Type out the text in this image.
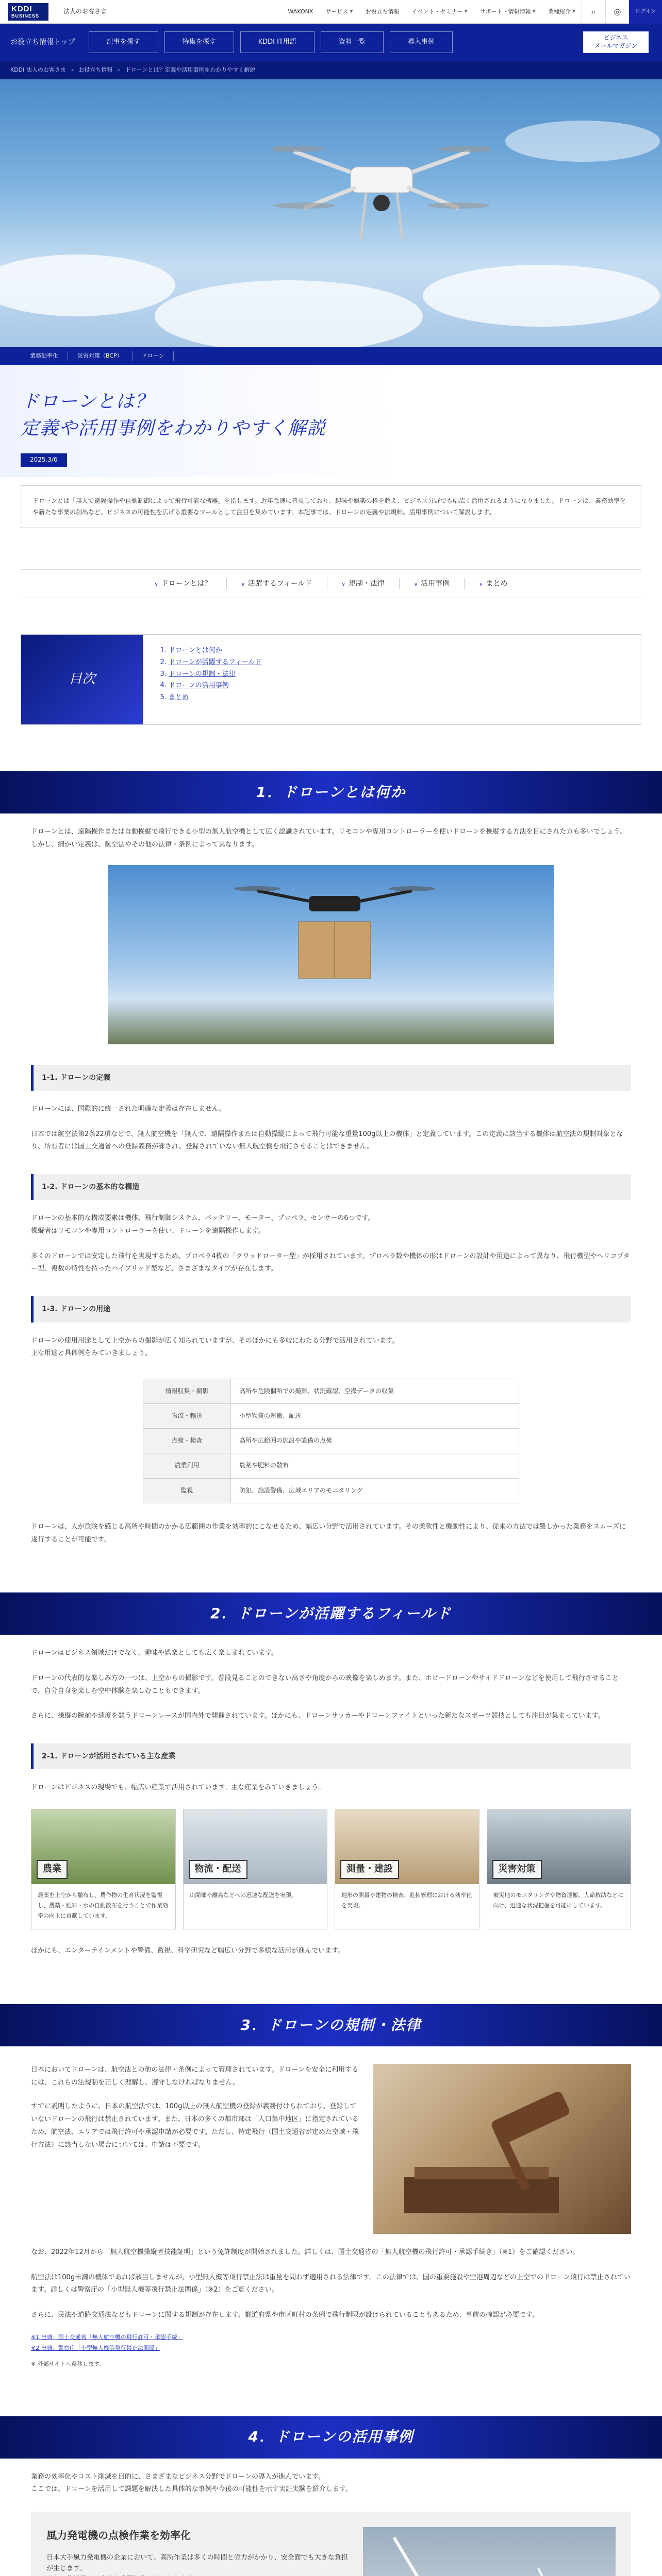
KDDI
BUSINESS
法人のお客さま	WAKONX サービス ▼ お役立ち情報 イベント・セミナー ▼ サポート・情報情報 ▼ 業種紹介 ▼	⌕	◎	ログイン
お役立ち情報トップ	記事を探す	特集を探す	KDDI IT用語	資料一覧	導入事例
ビジネス
メールマガジン
KDDI 法人のお客さま › お役立ち情報 › ドローンとは？定義や活用事例をわかりやすく解説
業務効率化	災害対策（BCP）	ドローン
ドローンとは？
定義や活用事例をわかりやすく解説
2025.3/6
ドローンとは「無人で遠隔操作や自動制御によって飛行可能な機器」を指します。近年急速に普及しており、趣味や娯楽の枠を超え、ビジネス分野でも幅広く活用されるようになりました。ドローンは、業務効率化や新たな事業の創出など、ビジネスの可能性を広げる重要なツールとして注目を集めています。本記事では、ドローンの定義や法規制、活用事例について解説します。
∨ ドローンとは？	∨ 活躍するフィールド	∨ 規制・法律	∨ 活用事例	∨ まとめ
目次
1. ドローンとは何か
2. ドローンが活躍するフィールド
3. ドローンの規制・法律
4. ドローンの活用事例
5. まとめ
1．ドローンとは何か

ドローンとは、遠隔操作または自動操縦で飛行できる小型の無人航空機として広く認識されています。リモコンや専用コントローラーを使いドローンを操縦する方法を目にされた方も多いでしょう。
しかし、細かい定義は、航空法やその他の法律・条例によって異なります。

1-1. ドローンの定義

ドローンには、国際的に統一された明確な定義は存在しません。

日本では航空法第2条22項などで、無人航空機を「無人で、遠隔操作または自動操縦によって飛行可能な重量100g以上の機体」と定義しています。この定義に該当する機体は航空法の規制対象となり、所有者には国土交通省への登録義務が課され、登録されていない無人航空機を飛行させることはできません。

1-2. ドローンの基本的な構造

ドローンの基本的な構成要素は機体、飛行制御システム、バッテリー、モーター、プロペラ、センサーの6つです。
操縦者はリモコンや専用コントローラーを使い、ドローンを遠隔操作します。

多くのドローンでは安定した飛行を実現するため、プロペラ4枚の「クワッドローター型」が採用されています。プロペラ数や機体の形はドローンの設計や用途によって異なり、飛行機型やヘリコプター型、複数の特性を持ったハイブリッド型など、さまざまなタイプが存在します。

1-3. ドローンの用途

ドローンの使用用途として上空からの撮影が広く知られていますが、そのほかにも多岐にわたる分野で活用されています。
主な用途と具体例をみていきましょう。

情報収集・撮影	高所や危険個所での撮影、状況確認、空撮データの収集
物流・輸送	小型物資の運搬、配送
点検・検査	高所や広範囲の施設や設備の点検
農業利用	農薬や肥料の散布
監視	防犯、施設警備、広域エリアのモニタリング

ドローンは、人が危険を感じる高所や時間のかかる広範囲の作業を効率的にこなせるため、幅広い分野で活用されています。その柔軟性と機動性により、従来の方法では難しかった業務をスムーズに遂行することが可能です。

2．ドローンが活躍するフィールド

ドローンはビジネス領域だけでなく、趣味や娯楽としても広く楽しまれています。

ドローンの代表的な楽しみ方の一つは、上空からの撮影です。普段見ることのできない高さや角度からの映像を楽しめます。また、ホビードローンやサイドドローンなどを使用して飛行させることで、自分自身を楽しむ空中体験を楽しむこともできます。

さらに、操縦の腕前や速度を競うドローンレースが国内外で開催されています。ほかにも、ドローンサッカーやドローンファイトといった新たなスポーツ競技としても注目が集まっています。

2-1. ドローンが活用されている主な産業

ドローンはビジネスの現場でも、幅広い産業で活用されています。主な産業をみていきましょう。

農業
農薬を上空から撒布し、農作物の生育状況を監視し、農薬・肥料・水の自動散布を行うことで作業効率の向上に貢献しています。
物流・配送
山間部や離島などへの迅速な配送を実現。
測量・建設
地形の測量や建物の検査、進捗管理における効率化を実現。
災害対策
被災地のモニタリングや物資運搬、人命救助などに向け、迅速な状況把握を可能にしています。

ほかにも、エンターテインメントや警備、監視、科学研究など幅広い分野で多様な活用が進んでいます。

3．ドローンの規制・法律

日本においてドローンは、航空法との他の法律・条例によって管理されています。ドローンを安全に利用するには、これらの法規制を正しく理解し、遵守しなければなりません。

すでに説明したように、日本の航空法では、100g以上の無人航空機の登録が義務付けられており、登録していないドローンの飛行は禁止されています。また、日本の多くの都市部は「人口集中地区」に指定されているため、航空法、エリアでは飛行許可や承認申請が必要です。ただし、特定飛行（国土交通省が定めた空域・飛行方法）に該当しない場合については、申請は不要です。

なお、2022年12月から「無人航空機操縦者技能証明」という免許制度が開始されました。詳しくは、国土交通省の「無人航空機の飛行許可・承認手続き」（※1）をご確認ください。

航空法は100g未満の機体であれば該当しませんが、小型無人機等飛行禁止法は重量を問わず適用される法律です。この法律では、国の重要施設や空港周辺などの上空でのドローン飛行は禁止されています。詳しくは警察庁の「小型無人機等飛行禁止法関係」（※2）をご覧ください。

さらに、民法や道路交通法などもドローンに関する規制が存在します。都道府県や市区町村の条例で飛行制限が設けられていることもあるため、事前の確認が必要です。

※1 出典：国土交通省「無人航空機の飛行許可・承認手続」
※2 出典：警察庁「小型無人機等飛行禁止法関係」
※ 外部サイトへ遷移します。
4．ドローンの活用事例

業務の効率化やコスト削減を目的に、さまざまなビジネス分野でドローンの導入が進んでいます。
ここでは、ドローンを活用して課題を解決した具体的な事例や今後の可能性を示す実証実験を紹介します。

風力発電機の点検作業を効率化

日本大手風力発電機の企業において、高所作業は多くの時間と労力がかかり、安全面でも大きな負担が生じます。
